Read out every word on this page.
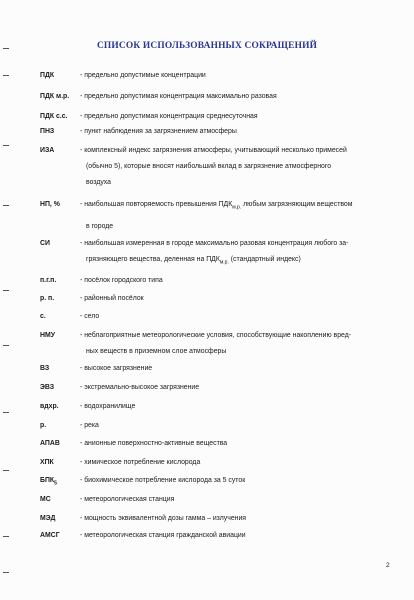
СПИСОК ИСПОЛЬЗОВАННЫХ СОКРАЩЕНИЙ
ПДК	- предельно допустимые концентрации
ПДК м.р. - предельно допустимая концентрация максимально разовая
ПДК с.с. - предельно допустимая концентрация среднесуточная
ПНЗ	- пункт наблюдения за загрязнением атмосферы
ИЗА	- комплексный индекс загрязнения атмосферы, учитывающий несколько примесей
(обычно 5), которые вносят наибольший вклад в загрязнение атмосферного
воздуха
НП, %	- наибольшая повторяемость превышения $ПДК_{м.р.}$ любым загрязняющим веществом
в городе
СИ	- наибольшая измеренная в городе максимально разовая концентрация любого за-
грязняющего вещества, деленная на $ПДК_{м.р.}$ (стандартный индекс)
п.г.п.	- посёлок городского типа
р. п.	- районный посёлок
с.	- село
НМУ	- неблагоприятные метеорологические условия, способствующие накоплению вред-
ных веществ в приземном слое атмосферы
ВЗ	- высокое загрязнение
ЭВЗ	- экстремально-высокое загрязнение
вдхр.	- водохранилище
р.	- река
АПАВ	- анионные поверхностно-активные вещества
ХПК	- химическое потребление кислорода
$БПК_5$	- биохимическое потребление кислорода за 5 суток
МС	- метеорологическая станция
МЭД	- мощность эквивалентной дозы гамма – излучения
АМСГ	- метеорологическая станция гражданской авиации
2
